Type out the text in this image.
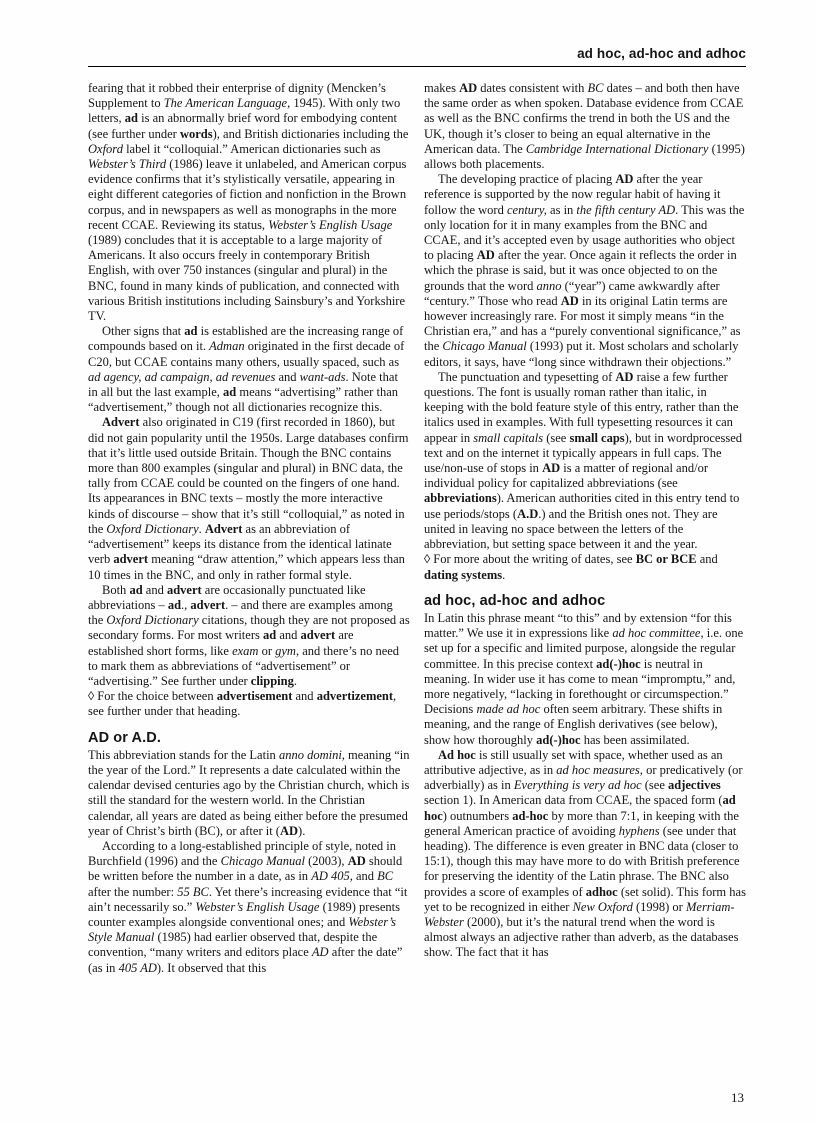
ad hoc, ad-hoc and adhoc

fearing that it robbed their enterprise of dignity (Mencken’s Supplement to The American Language, 1945). With only two letters, ad is an abnormally brief word for embodying content (see further under words), and British dictionaries including the Oxford label it “colloquial.” American dictionaries such as Webster’s Third (1986) leave it unlabeled, and American corpus evidence confirms that it’s stylistically versatile, appearing in eight different categories of fiction and nonfiction in the Brown corpus, and in newspapers as well as monographs in the more recent CCAE. Reviewing its status, Webster’s English Usage (1989) concludes that it is acceptable to a large majority of Americans. It also occurs freely in contemporary British English, with over 750 instances (singular and plural) in the BNC, found in many kinds of publication, and connected with various British institutions including Sainsbury’s and Yorkshire TV.

Other signs that ad is established are the increasing range of compounds based on it. Adman originated in the first decade of C20, but CCAE contains many others, usually spaced, such as ad agency, ad campaign, ad revenues and want-ads. Note that in all but the last example, ad means “advertising” rather than “advertisement,” though not all dictionaries recognize this.

Advert also originated in C19 (first recorded in 1860), but did not gain popularity until the 1950s. Large databases confirm that it’s little used outside Britain. Though the BNC contains more than 800 examples (singular and plural) in BNC data, the tally from CCAE could be counted on the fingers of one hand. Its appearances in BNC texts – mostly the more interactive kinds of discourse – show that it’s still “colloquial,” as noted in the Oxford Dictionary. Advert as an abbreviation of “advertisement” keeps its distance from the identical latinate verb advert meaning “draw attention,” which appears less than 10 times in the BNC, and only in rather formal style.

Both ad and advert are occasionally punctuated like abbreviations – ad., advert. – and there are examples among the Oxford Dictionary citations, though they are not proposed as secondary forms. For most writers ad and advert are established short forms, like exam or gym, and there’s no need to mark them as abbreviations of “advertisement” or “advertising.” See further under clipping.

◊ For the choice between advertisement and advertizement, see further under that heading.

AD or A.D.

This abbreviation stands for the Latin anno domini, meaning “in the year of the Lord.” It represents a date calculated within the calendar devised centuries ago by the Christian church, which is still the standard for the western world. In the Christian calendar, all years are dated as being either before the presumed year of Christ’s birth (BC), or after it (AD).

According to a long-established principle of style, noted in Burchfield (1996) and the Chicago Manual (2003), AD should be written before the number in a date, as in AD 405, and BC after the number: 55 BC. Yet there’s increasing evidence that “it ain’t necessarily so.” Webster’s English Usage (1989) presents counter examples alongside conventional ones; and Webster’s Style Manual (1985) had earlier observed that, despite the convention, “many writers and editors place AD after the date” (as in 405 AD). It observed that this

makes AD dates consistent with BC dates – and both then have the same order as when spoken. Database evidence from CCAE as well as the BNC confirms the trend in both the US and the UK, though it’s closer to being an equal alternative in the American data. The Cambridge International Dictionary (1995) allows both placements.

The developing practice of placing AD after the year reference is supported by the now regular habit of having it follow the word century, as in the fifth century AD. This was the only location for it in many examples from the BNC and CCAE, and it’s accepted even by usage authorities who object to placing AD after the year. Once again it reflects the order in which the phrase is said, but it was once objected to on the grounds that the word anno (“year”) came awkwardly after “century.” Those who read AD in its original Latin terms are however increasingly rare. For most it simply means “in the Christian era,” and has a “purely conventional significance,” as the Chicago Manual (1993) put it. Most scholars and scholarly editors, it says, have “long since withdrawn their objections.”

The punctuation and typesetting of AD raise a few further questions. The font is usually roman rather than italic, in keeping with the bold feature style of this entry, rather than the italics used in examples. With full typesetting resources it can appear in small capitals (see small caps), but in wordprocessed text and on the internet it typically appears in full caps. The use/non-use of stops in AD is a matter of regional and/or individual policy for capitalized abbreviations (see abbreviations). American authorities cited in this entry tend to use periods/stops (A.D.) and the British ones not. They are united in leaving no space between the letters of the abbreviation, but setting space between it and the year.

◊ For more about the writing of dates, see BC or BCE and dating systems.

ad hoc, ad-hoc and adhoc

In Latin this phrase meant “to this” and by extension “for this matter.” We use it in expressions like ad hoc committee, i.e. one set up for a specific and limited purpose, alongside the regular committee. In this precise context ad(-)hoc is neutral in meaning. In wider use it has come to mean “impromptu,” and, more negatively, “lacking in forethought or circumspection.” Decisions made ad hoc often seem arbitrary. These shifts in meaning, and the range of English derivatives (see below), show how thoroughly ad(-)hoc has been assimilated.

Ad hoc is still usually set with space, whether used as an attributive adjective, as in ad hoc measures, or predicatively (or adverbially) as in Everything is very ad hoc (see adjectives section 1). In American data from CCAE, the spaced form (ad hoc) outnumbers ad-hoc by more than 7:1, in keeping with the general American practice of avoiding hyphens (see under that heading). The difference is even greater in BNC data (closer to 15:1), though this may have more to do with British preference for preserving the identity of the Latin phrase. The BNC also provides a score of examples of adhoc (set solid). This form has yet to be recognized in either New Oxford (1998) or Merriam-Webster (2000), but it’s the natural trend when the word is almost always an adjective rather than adverb, as the databases show. The fact that it has

13
